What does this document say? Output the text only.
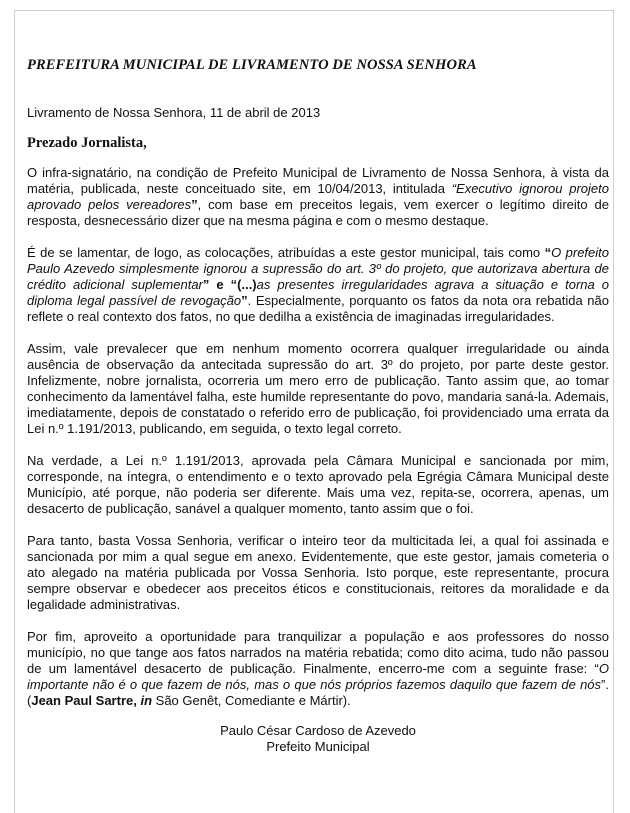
PREFEITURA MUNICIPAL DE LIVRAMENTO DE NOSSA SENHORA
Livramento de Nossa Senhora, 11 de abril de 2013
Prezado Jornalista,

O infra-signatário, na condição de Prefeito Municipal de Livramento de Nossa Senhora, à vista da matéria, publicada, neste conceituado site, em 10/04/2013, intitulada “Executivo ignorou projeto aprovado pelos vereadores”, com base em preceitos legais, vem exercer o legítimo direito de resposta, desnecessário dizer que na mesma página e com o mesmo destaque.

É de se lamentar, de logo, as colocações, atribuídas a este gestor municipal, tais como “O prefeito Paulo Azevedo simplesmente ignorou a supressão do art. 3º do projeto, que autorizava abertura de crédito adicional suplementar” e “(...)as presentes irregularidades agrava a situação e torna o diploma legal passível de revogação”. Especialmente, porquanto os fatos da nota ora rebatida não reflete o real contexto dos fatos, no que dedilha a existência de imaginadas irregularidades.

Assim, vale prevalecer que em nenhum momento ocorrera qualquer irregularidade ou ainda ausência de observação da antecitada supressão do art. 3º do projeto, por parte deste gestor. Infelizmente, nobre jornalista, ocorreria um mero erro de publicação. Tanto assim que, ao tomar conhecimento da lamentável falha, este humilde representante do povo, mandaria saná-la. Ademais, imediatamente, depois de constatado o referido erro de publicação, foi providenciado uma errata da Lei n.º 1.191/2013, publicando, em seguida, o texto legal correto.

Na verdade, a Lei n.º 1.191/2013, aprovada pela Câmara Municipal e sancionada por mim, corresponde, na íntegra, o entendimento e o texto aprovado pela Egrégia Câmara Municipal deste Município, até porque, não poderia ser diferente. Mais uma vez, repita-se, ocorrera, apenas, um desacerto de publicação, sanável a qualquer momento, tanto assim que o foi.

Para tanto, basta Vossa Senhoria, verificar o inteiro teor da multicitada lei, a qual foi assinada e sancionada por mim a qual segue em anexo. Evidentemente, que este gestor, jamais cometeria o ato alegado na matéria publicada por Vossa Senhoria. Isto porque, este representante, procura sempre observar e obedecer aos preceitos éticos e constitucionais, reitores da moralidade e da legalidade administrativas.

Por fim, aproveito a oportunidade para tranquilizar a população e aos professores do nosso município, no que tange aos fatos narrados na matéria rebatida; como dito acima, tudo não passou de um lamentável desacerto de publicação. Finalmente, encerro-me com a seguinte frase: “O importante não é o que fazem de nós, mas o que nós próprios fazemos daquilo que fazem de nós”. (Jean Paul Sartre, in São Genêt, Comediante e Mártir).

Paulo César Cardoso de Azevedo
Prefeito Municipal
